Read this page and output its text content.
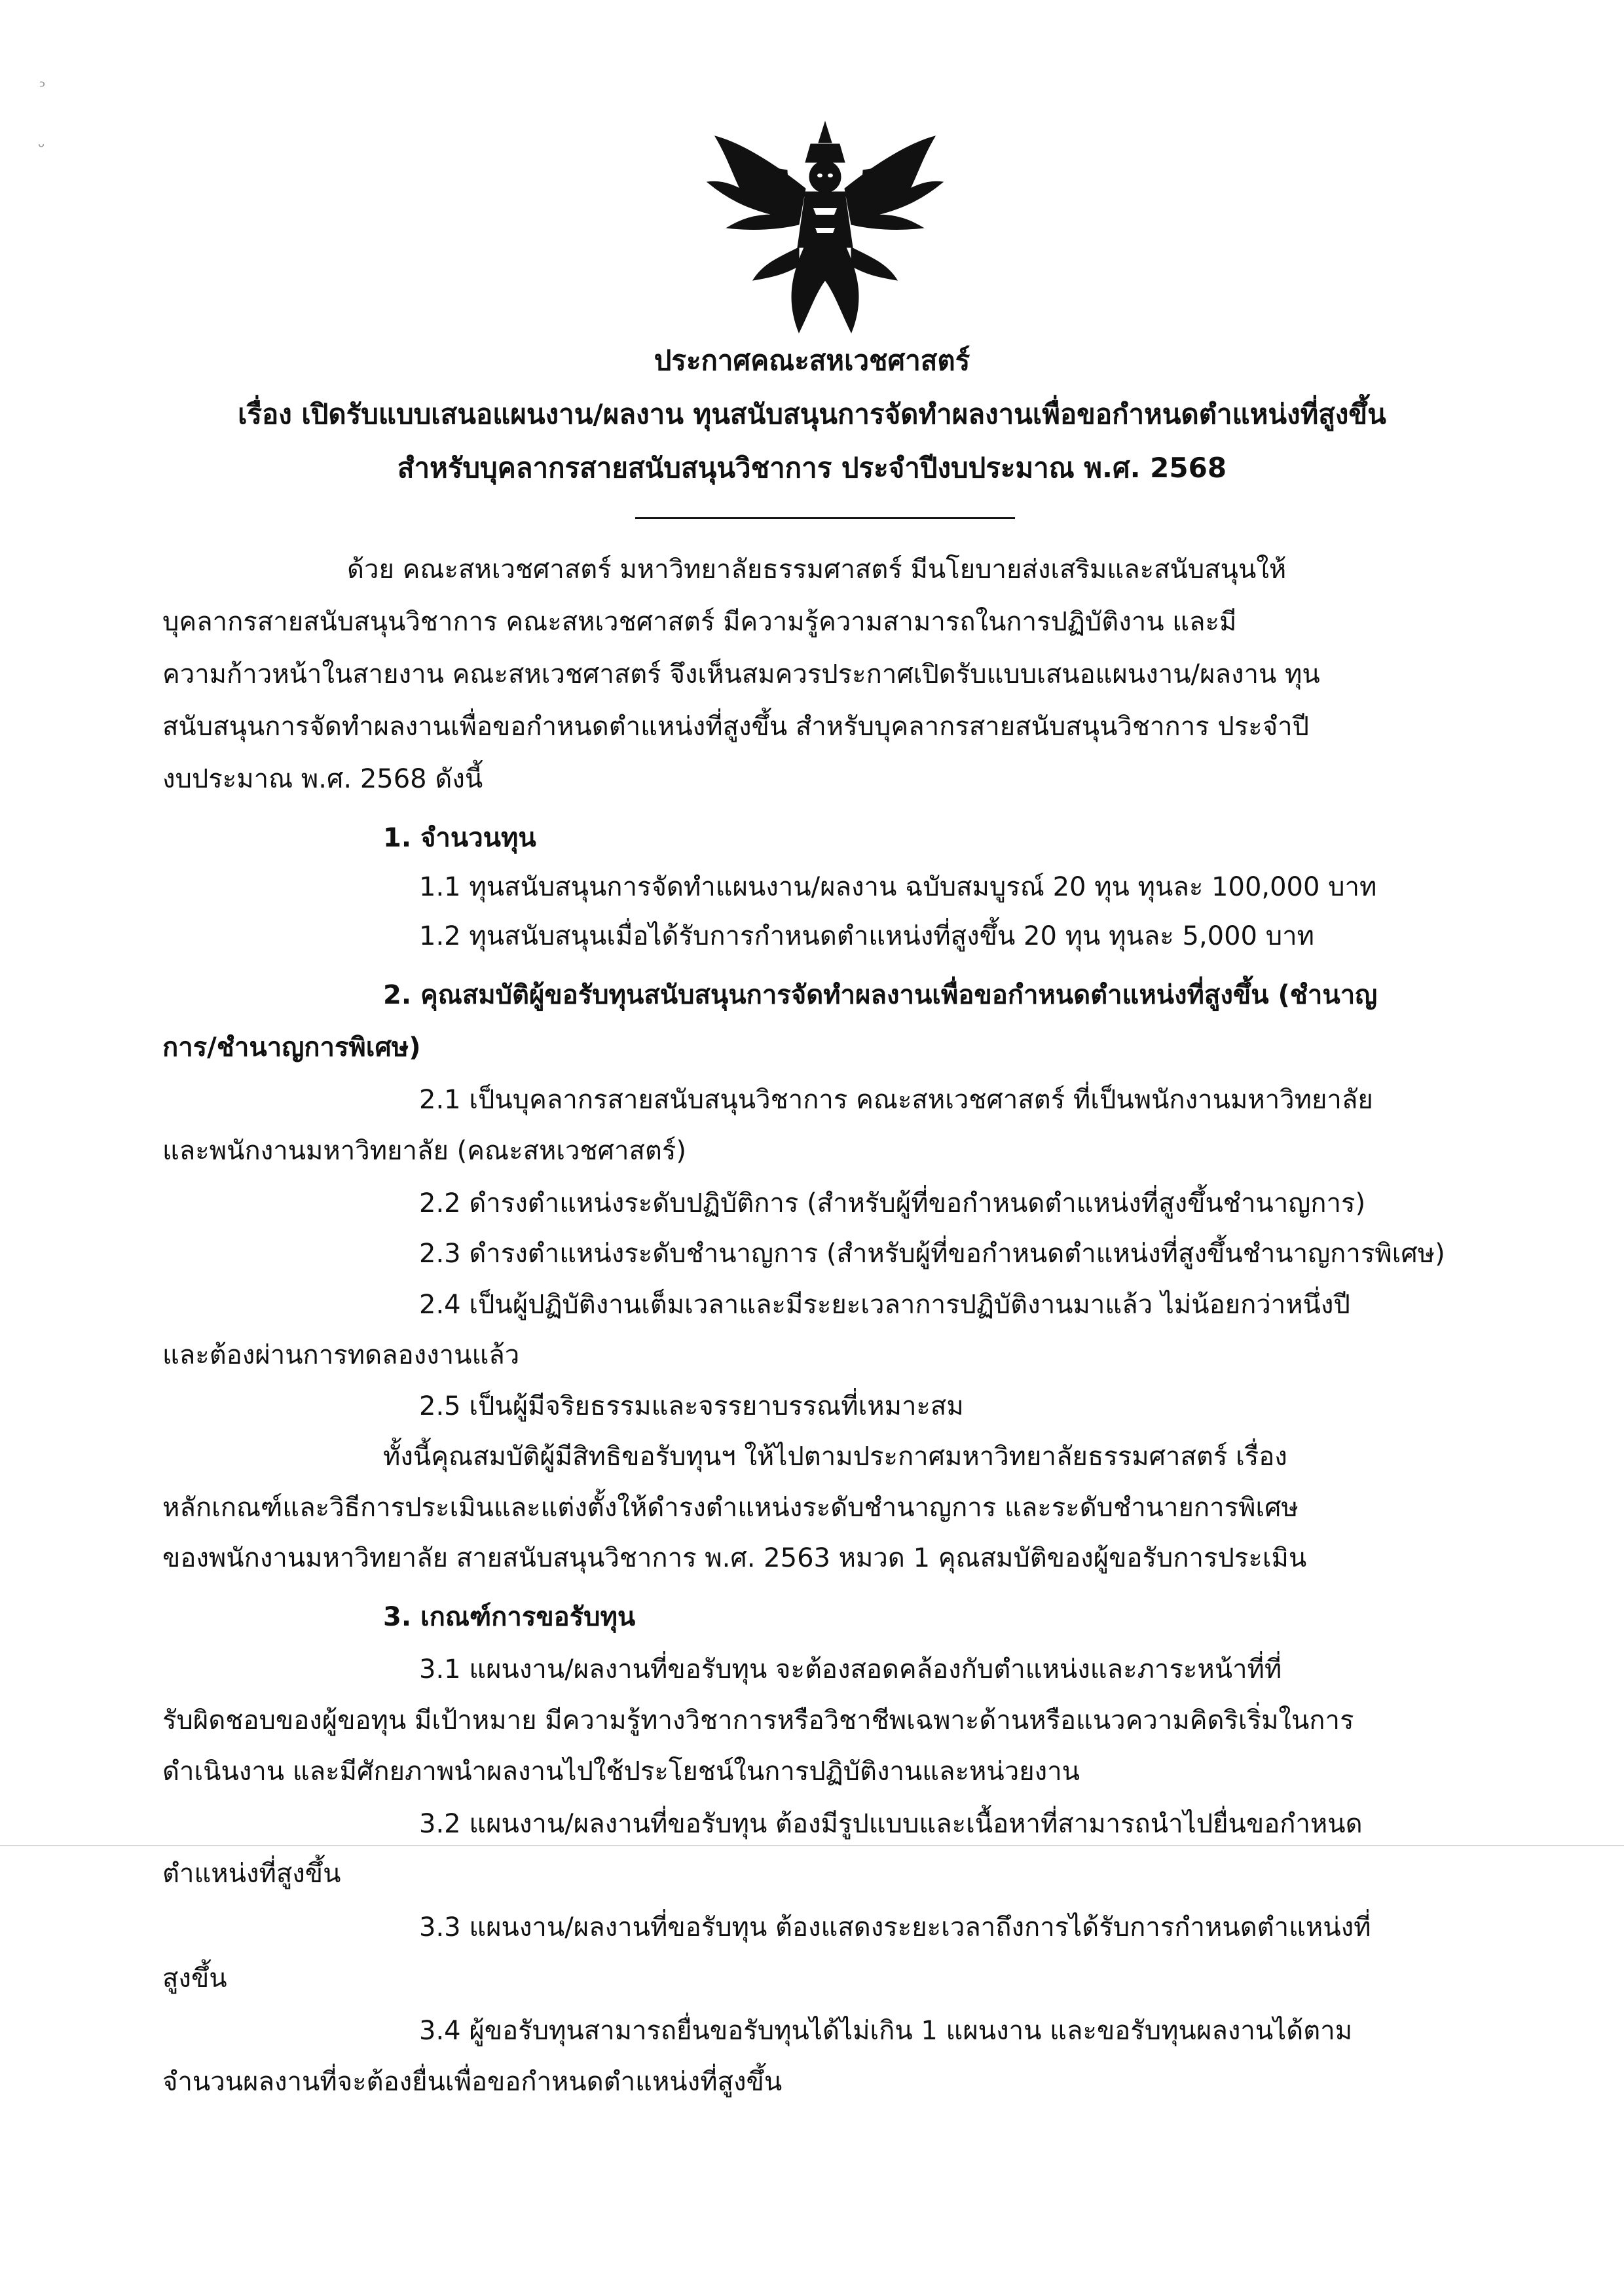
ประกาศคณะสหเวชศาสตร์
เรื่อง เปิดรับแบบเสนอแผนงาน/ผลงาน ทุนสนับสนุนการจัดทำผลงานเพื่อขอกำหนดตำแหน่งที่สูงขึ้น
สำหรับบุคลากรสายสนับสนุนวิชาการ ประจำปีงบประมาณ พ.ศ. 2568
ด้วย คณะสหเวชศาสตร์ มหาวิทยาลัยธรรมศาสตร์ มีนโยบายส่งเสริมและสนับสนุนให้
บุคลากรสายสนับสนุนวิชาการ คณะสหเวชศาสตร์ มีความรู้ความสามารถในการปฏิบัติงาน และมี
ความก้าวหน้าในสายงาน คณะสหเวชศาสตร์ จึงเห็นสมควรประกาศเปิดรับแบบเสนอแผนงาน/ผลงาน ทุน
สนับสนุนการจัดทำผลงานเพื่อขอกำหนดตำแหน่งที่สูงขึ้น สำหรับบุคลากรสายสนับสนุนวิชาการ ประจำปี
งบประมาณ พ.ศ. 2568 ดังนี้
1. จำนวนทุน
1.1 ทุนสนับสนุนการจัดทำแผนงาน/ผลงาน ฉบับสมบูรณ์ 20 ทุน ทุนละ 100,000 บาท
1.2 ทุนสนับสนุนเมื่อได้รับการกำหนดตำแหน่งที่สูงขึ้น 20 ทุน ทุนละ 5,000 บาท
2. คุณสมบัติผู้ขอรับทุนสนับสนุนการจัดทำผลงานเพื่อขอกำหนดตำแหน่งที่สูงขึ้น (ชำนาญ
การ/ชำนาญการพิเศษ)
2.1 เป็นบุคลากรสายสนับสนุนวิชาการ คณะสหเวชศาสตร์ ที่เป็นพนักงานมหาวิทยาลัย
และพนักงานมหาวิทยาลัย (คณะสหเวชศาสตร์)
2.2 ดำรงตำแหน่งระดับปฏิบัติการ (สำหรับผู้ที่ขอกำหนดตำแหน่งที่สูงขึ้นชำนาญการ)
2.3 ดำรงตำแหน่งระดับชำนาญการ (สำหรับผู้ที่ขอกำหนดตำแหน่งที่สูงขึ้นชำนาญการพิเศษ)
2.4 เป็นผู้ปฏิบัติงานเต็มเวลาและมีระยะเวลาการปฏิบัติงานมาแล้ว ไม่น้อยกว่าหนึ่งปี
และต้องผ่านการทดลองงานแล้ว
2.5 เป็นผู้มีจริยธรรมและจรรยาบรรณที่เหมาะสม
ทั้งนี้คุณสมบัติผู้มีสิทธิขอรับทุนฯ ให้ไปตามประกาศมหาวิทยาลัยธรรมศาสตร์ เรื่อง
หลักเกณฑ์และวิธีการประเมินและแต่งตั้งให้ดำรงตำแหน่งระดับชำนาญการ และระดับชำนายการพิเศษ
ของพนักงานมหาวิทยาลัย สายสนับสนุนวิชาการ พ.ศ. 2563 หมวด 1 คุณสมบัติของผู้ขอรับการประเมิน
3. เกณฑ์การขอรับทุน
3.1 แผนงาน/ผลงานที่ขอรับทุน จะต้องสอดคล้องกับตำแหน่งและภาระหน้าที่ที่
รับผิดชอบของผู้ขอทุน มีเป้าหมาย มีความรู้ทางวิชาการหรือวิชาชีพเฉพาะด้านหรือแนวความคิดริเริ่มในการ
ดำเนินงาน และมีศักยภาพนำผลงานไปใช้ประโยชน์ในการปฏิบัติงานและหน่วยงาน
3.2 แผนงาน/ผลงานที่ขอรับทุน ต้องมีรูปแบบและเนื้อหาที่สามารถนำไปยื่นขอกำหนด
ตำแหน่งที่สูงขึ้น
3.3 แผนงาน/ผลงานที่ขอรับทุน ต้องแสดงระยะเวลาถึงการได้รับการกำหนดตำแหน่งที่
สูงขึ้น
3.4 ผู้ขอรับทุนสามารถยื่นขอรับทุนได้ไม่เกิน 1 แผนงาน และขอรับทุนผลงานได้ตาม
จำนวนผลงานที่จะต้องยื่นเพื่อขอกำหนดตำแหน่งที่สูงขึ้น
ᵓ
ᵕ
